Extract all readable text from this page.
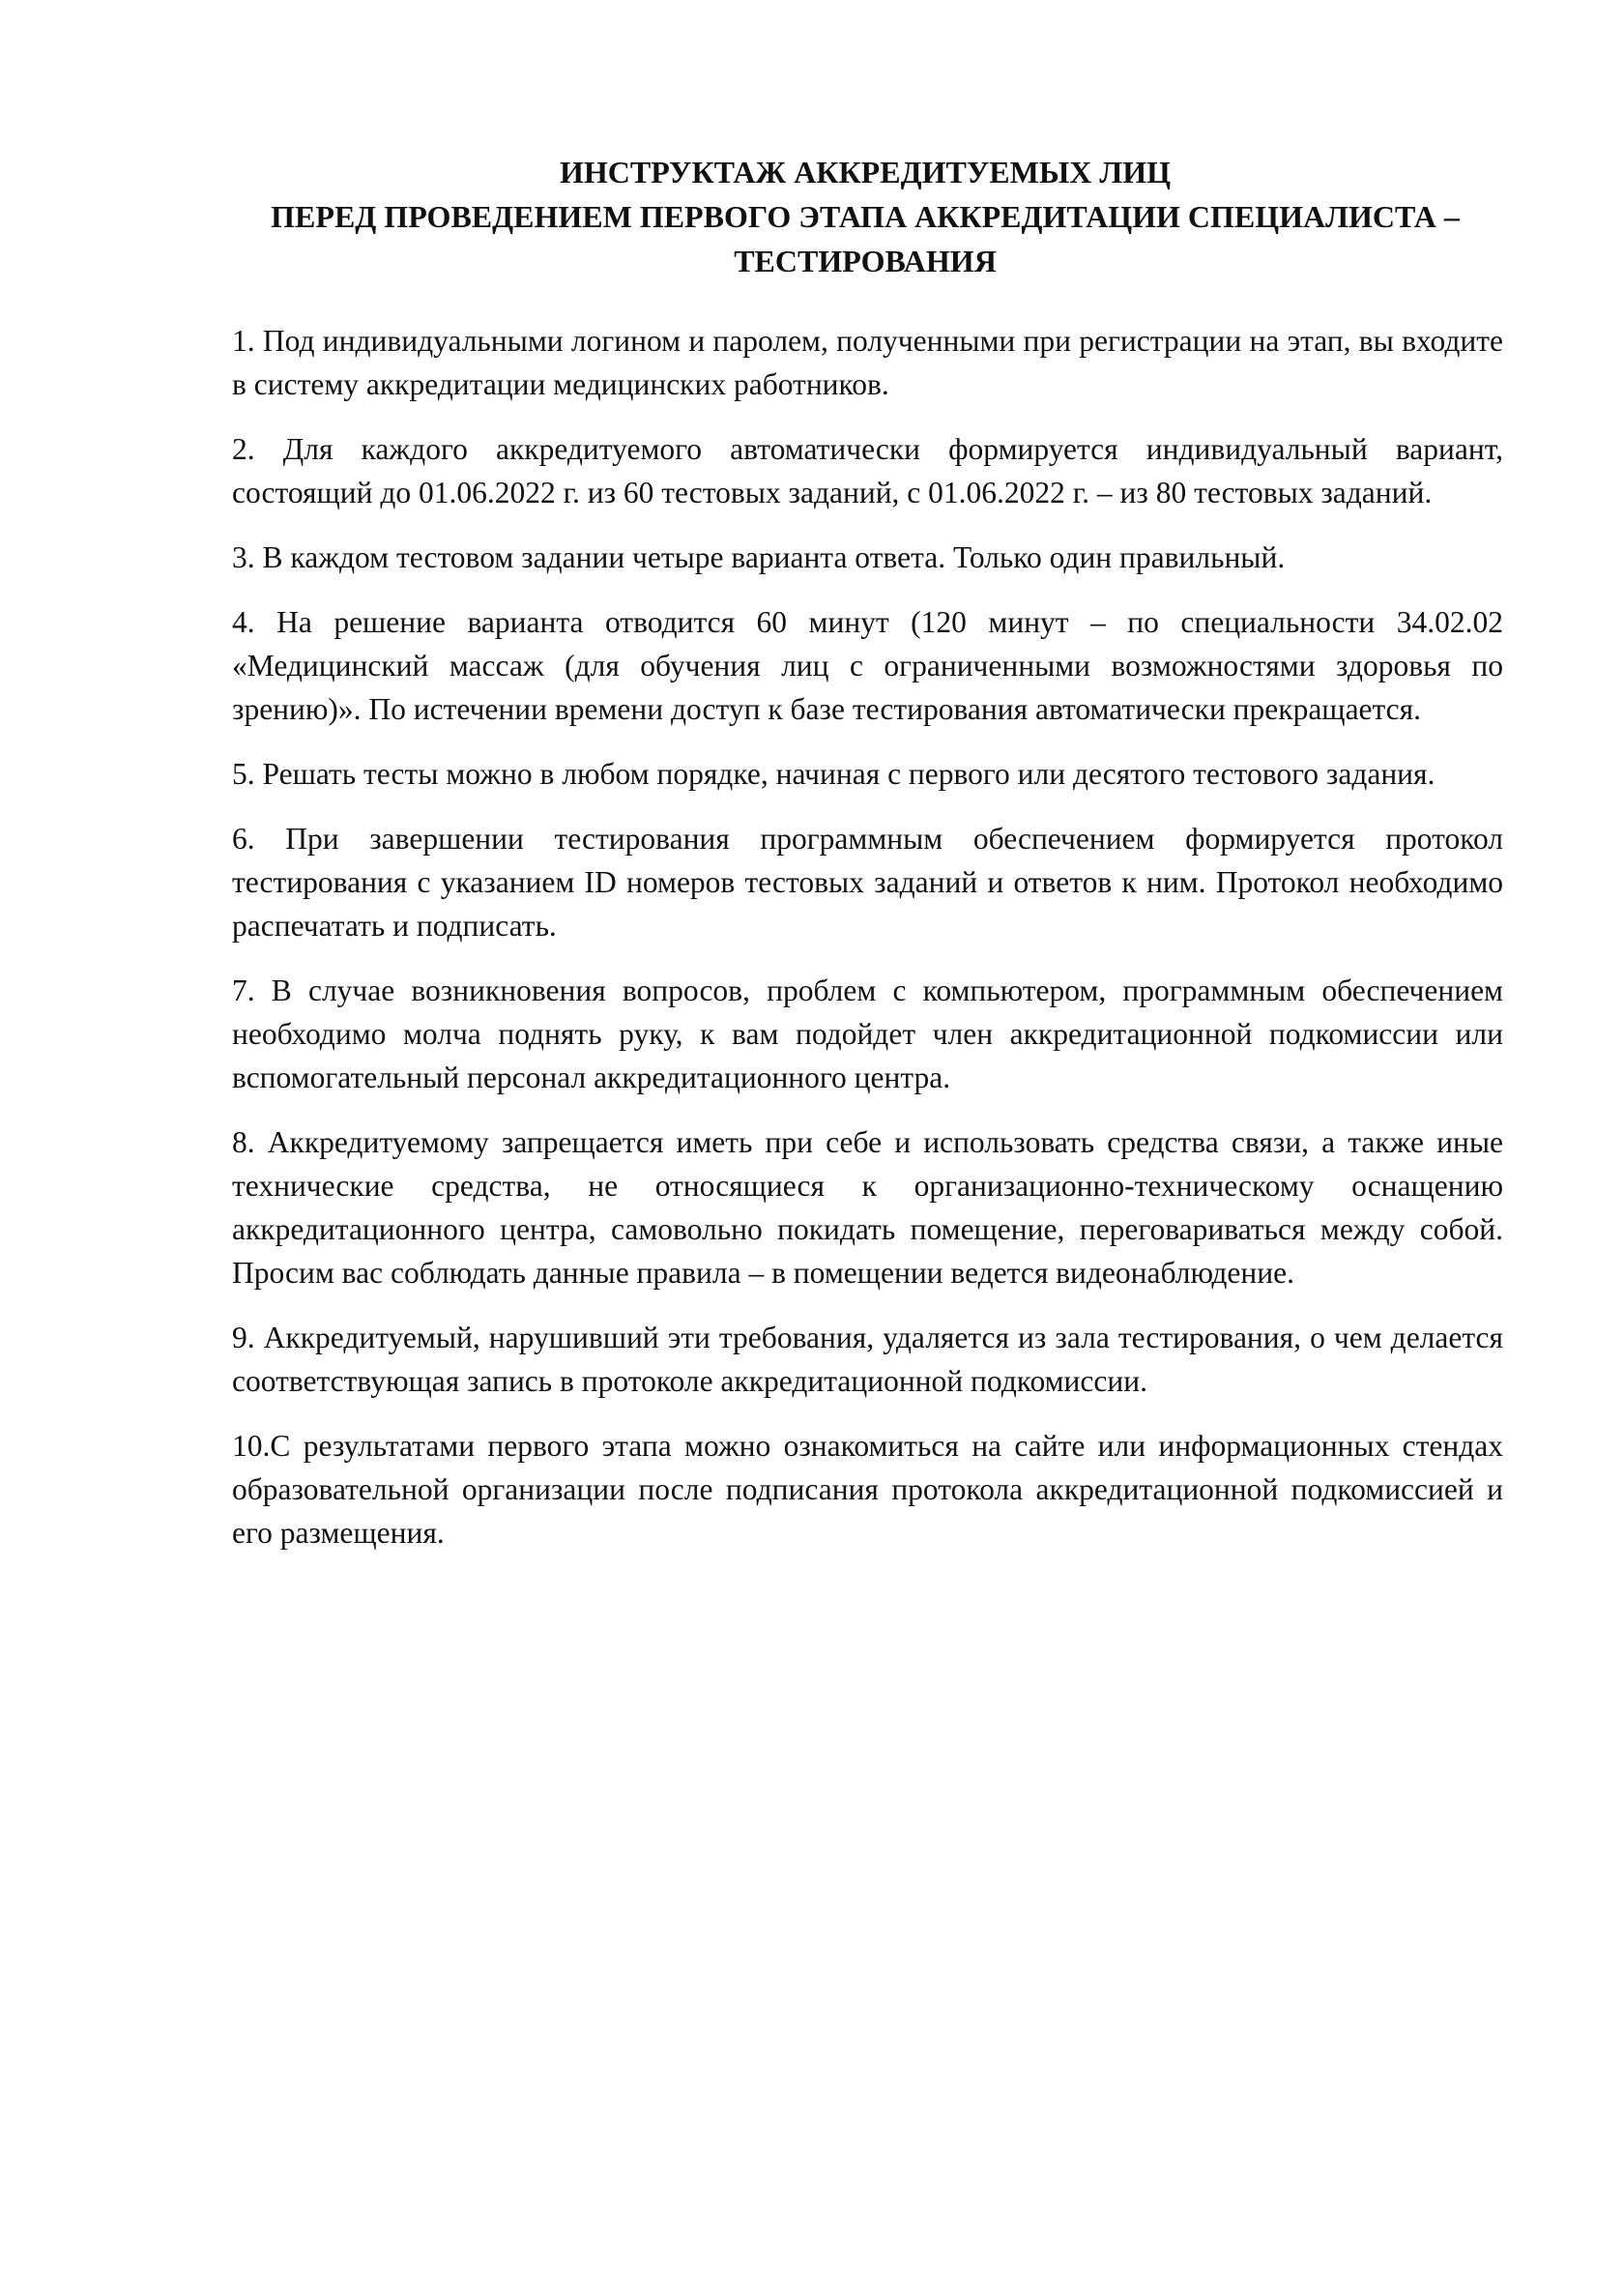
ИНСТРУКТАЖ АККРЕДИТУЕМЫХ ЛИЦ
ПЕРЕД ПРОВЕДЕНИЕМ ПЕРВОГО ЭТАПА АККРЕДИТАЦИИ СПЕЦИАЛИСТА –
ТЕСТИРОВАНИЯ

1. Под индивидуальными логином и паролем, полученными при регистрации на этап, вы входите в систему аккредитации медицинских работников.

2. Для каждого аккредитуемого автоматически формируется индивидуальный вариант, состоящий до 01.06.2022 г. из 60 тестовых заданий, с 01.06.2022 г. – из 80 тестовых заданий.

3. В каждом тестовом задании четыре варианта ответа. Только один правильный.

4. На решение варианта отводится 60 минут (120 минут – по специальности 34.02.02 «Медицинский массаж (для обучения лиц с ограниченными возможностями здоровья по зрению)». По истечении времени доступ к базе тестирования автоматически прекращается.

5. Решать тесты можно в любом порядке, начиная с первого или десятого тестового задания.

6. При завершении тестирования программным обеспечением формируется протокол тестирования с указанием ID номеров тестовых заданий и ответов к ним. Протокол необходимо распечатать и подписать.

7. В случае возникновения вопросов, проблем с компьютером, программным обеспечением необходимо молча поднять руку, к вам подойдет член аккредитационной подкомиссии или вспомогательный персонал аккредитационного центра.

8. Аккредитуемому запрещается иметь при себе и использовать средства связи, а также иные технические средства, не относящиеся к организационно-техническому оснащению аккредитационного центра, самовольно покидать помещение, переговариваться между собой. Просим вас соблюдать данные правила – в помещении ведется видеонаблюдение.

9. Аккредитуемый, нарушивший эти требования, удаляется из зала тестирования, о чем делается соответствующая запись в протоколе аккредитационной подкомиссии.

10.С результатами первого этапа можно ознакомиться на сайте или информационных стендах образовательной организации после подписания протокола аккредитационной подкомиссией и его размещения.
